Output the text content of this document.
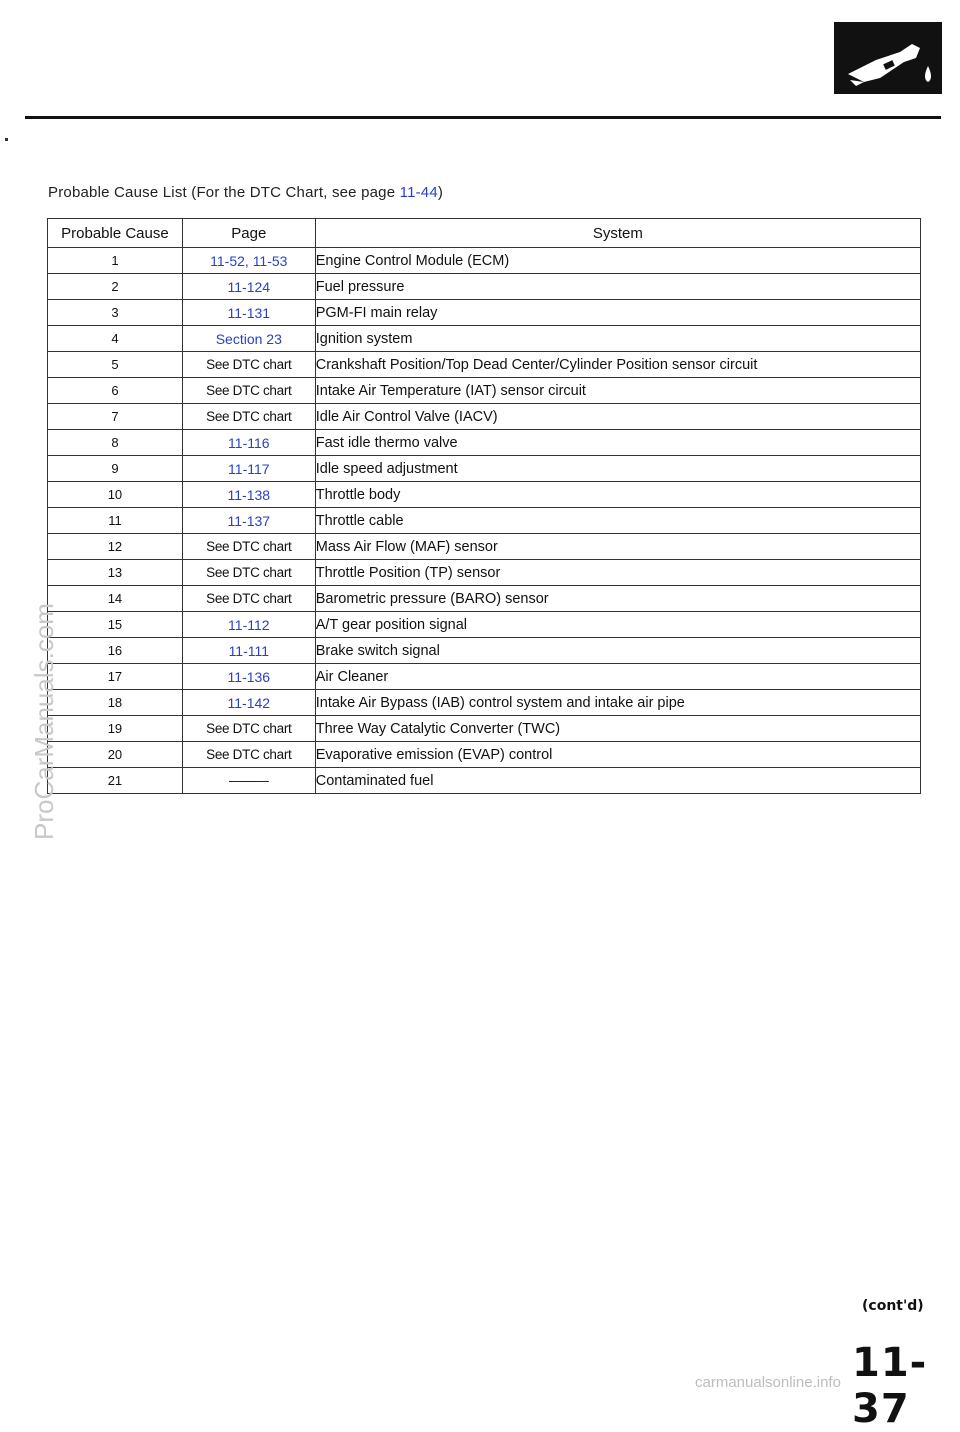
Probable Cause List (For the DTC Chart, see page 11-44)
Probable Cause	Page	System
1	11-52, 11-53	Engine Control Module (ECM)
2	11-124	Fuel pressure
3	11-131	PGM-FI main relay
4	Section 23	Ignition system
5	See DTC chart	Crankshaft Position/Top Dead Center/Cylinder Position sensor circuit
6	See DTC chart	Intake Air Temperature (IAT) sensor circuit
7	See DTC chart	Idle Air Control Valve (IACV)
8	11-116	Fast idle thermo valve
9	11-117	Idle speed adjustment
10	11-138	Throttle body
11	11-137	Throttle cable
12	See DTC chart	Mass Air Flow (MAF) sensor
13	See DTC chart	Throttle Position (TP) sensor
14	See DTC chart	Barometric pressure (BARO) sensor
15	11-112	A/T gear position signal
16	11-111	Brake switch signal
17	11-136	Air Cleaner
18	11-142	Intake Air Bypass (IAB) control system and intake air pipe
19	See DTC chart	Three Way Catalytic Converter (TWC)
20	See DTC chart	Evaporative emission (EVAP) control
21	———	Contaminated fuel
ProCarManuals.com
(cont'd)
11-37
carmanualsonline.info
